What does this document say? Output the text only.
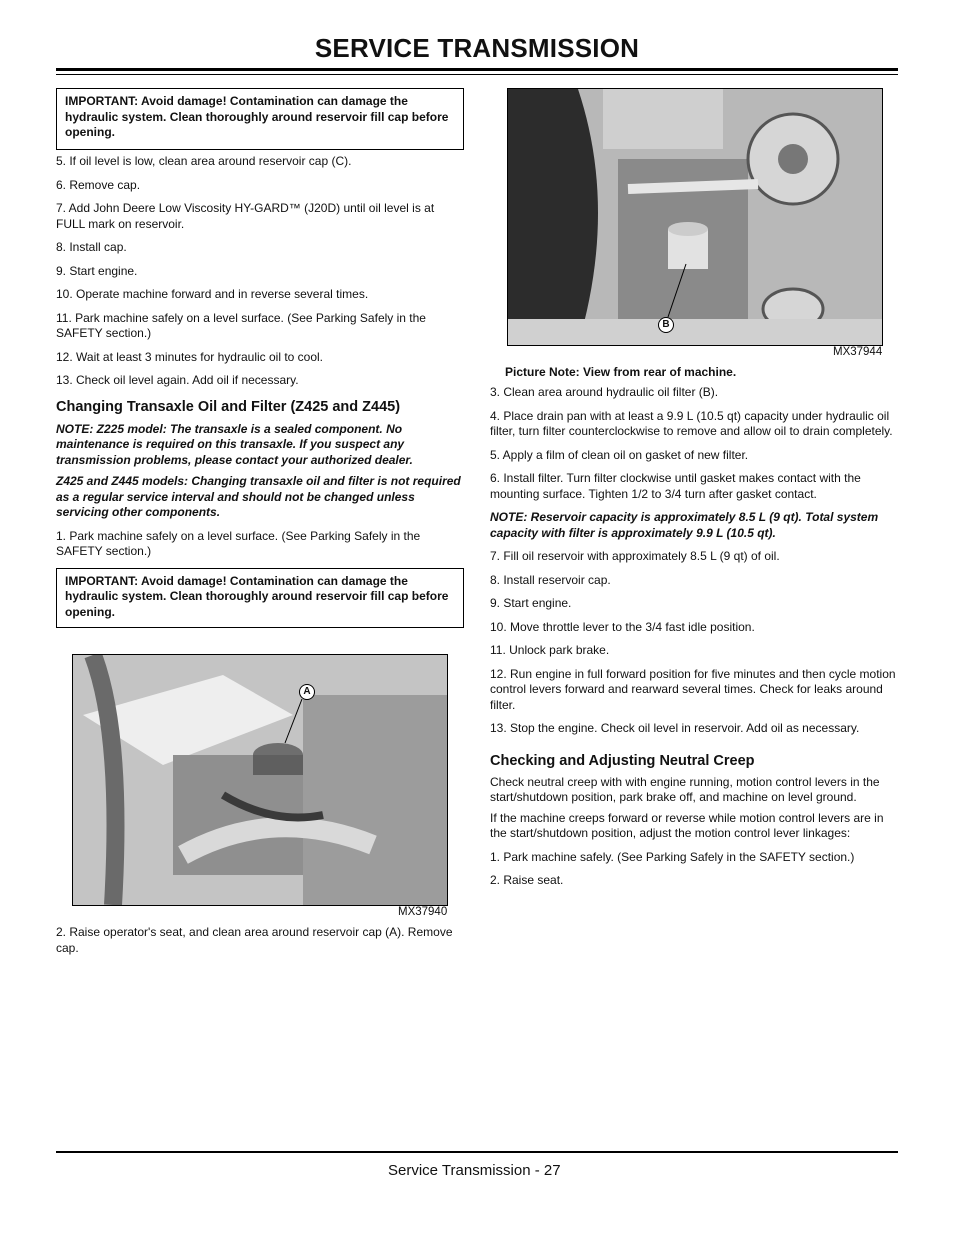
SERVICE TRANSMISSION
IMPORTANT: Avoid damage! Contamination can damage the hydraulic system. Clean thoroughly around reservoir fill cap before opening.

5. If oil level is low, clean area around reservoir cap (C).

6. Remove cap.

7. Add John Deere Low Viscosity HY-GARD™ (J20D) until oil level is at FULL mark on reservoir.

8. Install cap.

9. Start engine.

10. Operate machine forward and in reverse several times.

11. Park machine safely on a level surface. (See Parking Safely in the SAFETY section.)

12. Wait at least 3 minutes for hydraulic oil to cool.

13. Check oil level again. Add oil if necessary.

Changing Transaxle Oil and Filter (Z425 and Z445)

NOTE: Z225 model: The transaxle is a sealed component. No maintenance is required on this transaxle. If you suspect any transmission problems, please contact your authorized dealer.

Z425 and Z445 models: Changing transaxle oil and filter is not required as a regular service interval and should not be changed unless servicing other components.

1. Park machine safely on a level surface. (See Parking Safely in the SAFETY section.)

IMPORTANT: Avoid damage! Contamination can damage the hydraulic system. Clean thoroughly around reservoir fill cap before opening.
A
MX37940

2. Raise operator's seat, and clean area around reservoir cap (A). Remove cap.

B
MX37944
Picture Note: View from rear of machine.

3. Clean area around hydraulic oil filter (B).

4. Place drain pan with at least a 9.9 L (10.5 qt) capacity under hydraulic oil filter, turn filter counterclockwise to remove and allow oil to drain completely.

5. Apply a film of clean oil on gasket of new filter.

6. Install filter. Turn filter clockwise until gasket makes contact with the mounting surface. Tighten 1/2 to 3/4 turn after gasket contact.

NOTE: Reservoir capacity is approximately 8.5 L (9 qt). Total system capacity with filter is approximately 9.9 L (10.5 qt).

7. Fill oil reservoir with approximately 8.5 L (9 qt) of oil.

8. Install reservoir cap.

9. Start engine.

10. Move throttle lever to the 3/4 fast idle position.

11. Unlock park brake.

12. Run engine in full forward position for five minutes and then cycle motion control levers forward and rearward several times. Check for leaks around filter.

13. Stop the engine. Check oil level in reservoir. Add oil as necessary.

Checking and Adjusting Neutral Creep

Check neutral creep with with engine running, motion control levers in the start/shutdown position, park brake off, and machine on level ground.

If the machine creeps forward or reverse while motion control levers are in the start/shutdown position, adjust the motion control lever linkages:

1. Park machine safely. (See Parking Safely in the SAFETY section.)

2. Raise seat.

Service Transmission - 27
